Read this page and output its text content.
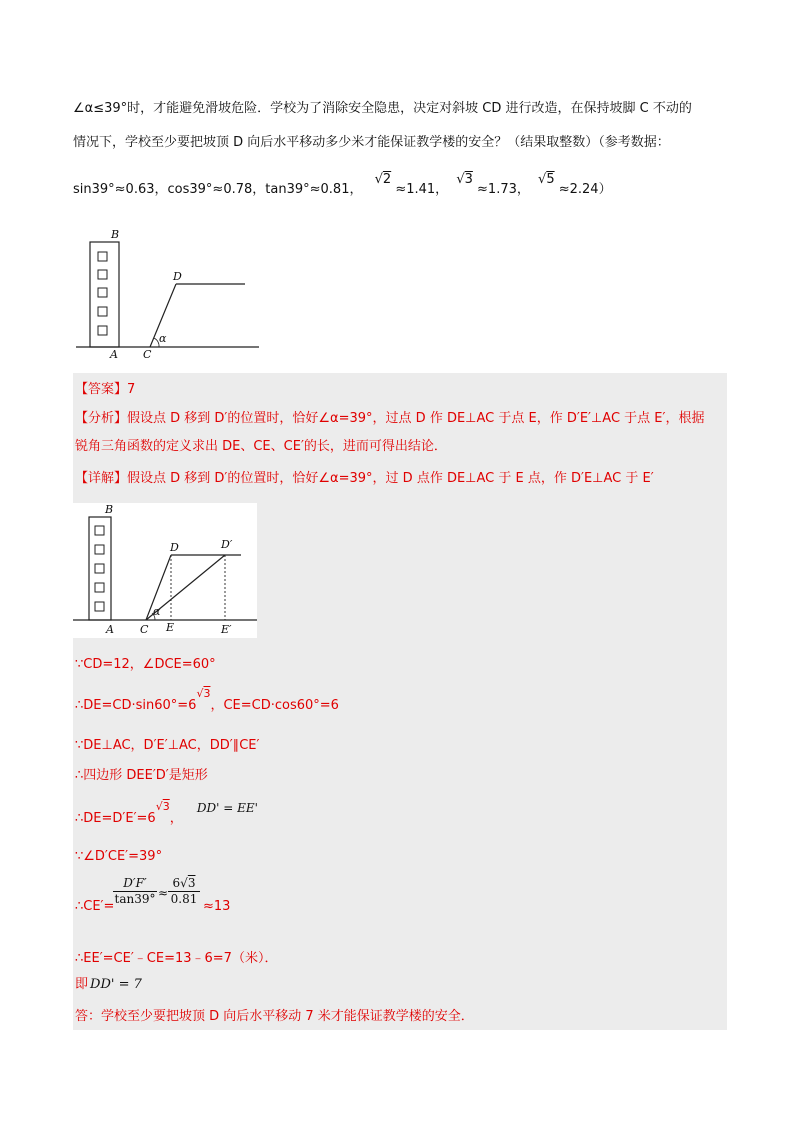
∠α≤39°时，才能避免滑坡危险．学校为了消除安全隐患，决定对斜坡 CD 进行改造，在保持坡脚 C 不动的
情况下，学校至少要把坡顶 D 向后水平移动多少米才能保证教学楼的安全？（结果取整数）（参考数据：
sin39°≈0.63，cos39°≈0.78，tan39°≈0.81， √2 ≈1.41， √3 ≈1.73， √5 ≈2.24）
B
A C
D
α
【答案】7
【分析】假设点 D 移到 D′的位置时，恰好∠α=39°，过点 D 作 DE⊥AC 于点 E，作 D′E′⊥AC 于点 E′，根据
锐角三角函数的定义求出 DE、CE、CE′的长，进而可得出结论．
【详解】假设点 D 移到 D′的位置时，恰好∠α=39°，过 D 点作 DE⊥AC 于 E 点，作 D′E⊥AC 于 E′
B
A C E	E′
D	D′
α
∵CD=12，∠DCE=60°
$\therefore DE=CD\cdot\sin 60^\circ=6^{√3}$，CE=CD·cos60°=6
∵DE⊥AC，D′E′⊥AC，DD′∥CE′
∴四边形 DEE′D′是矩形
$\therefore DE=D'E'=6^{√3}$， DD' = EE'
∵∠D′CE′=39°
∴CE′=
$\frac{D'F'}{\tan 39^\circ} \approx \frac{6√3}{0.81}$
≈13
∴EE′=CE′﹣CE=13﹣6=7（米）．
即 DD' = 7
答：学校至少要把坡顶 D 向后水平移动 7 米才能保证教学楼的安全．
